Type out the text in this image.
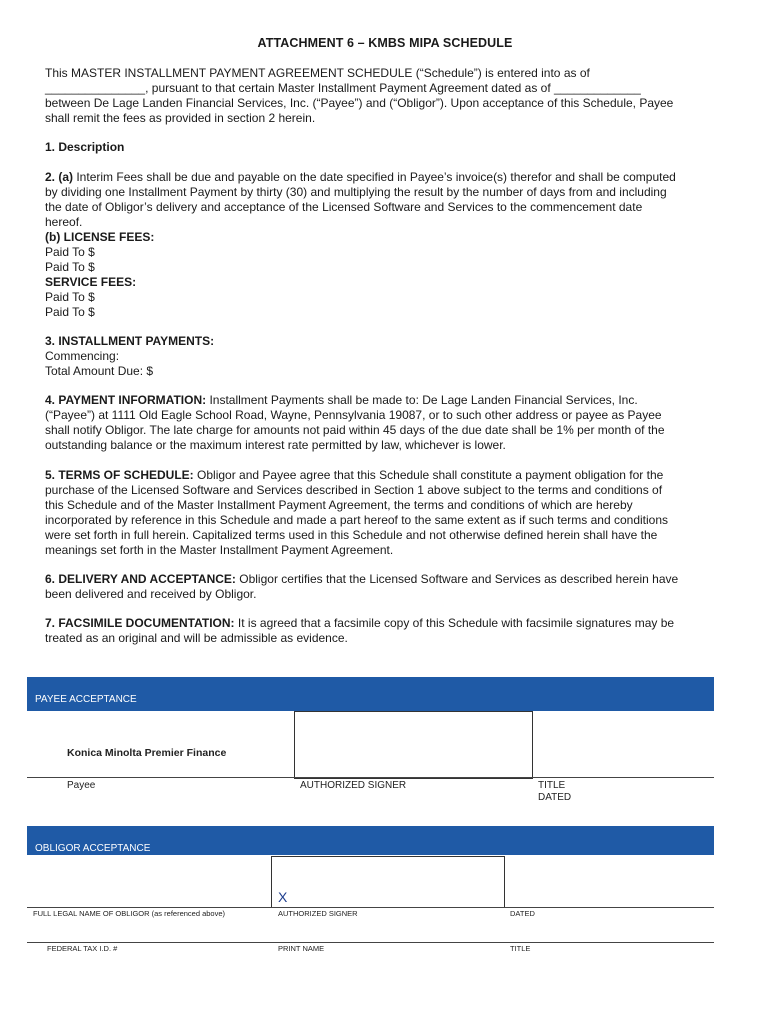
ATTACHMENT 6 – KMBS MIPA SCHEDULE
This MASTER INSTALLMENT PAYMENT AGREEMENT SCHEDULE (“Schedule”) is entered into as of
_______________, pursuant to that certain Master Installment Payment Agreement dated as of _____________
between De Lage Landen Financial Services, Inc. (“Payee”) and (“Obligor”). Upon acceptance of this Schedule, Payee
shall remit the fees as provided in section 2 herein.
1. Description
2. (a) Interim Fees shall be due and payable on the date specified in Payee’s invoice(s) therefor and shall be computed
by dividing one Installment Payment by thirty (30) and multiplying the result by the number of days from and including
the date of Obligor’s delivery and acceptance of the Licensed Software and Services to the commencement date
hereof.
(b) LICENSE FEES:
Paid To $
Paid To $
SERVICE FEES:
Paid To $
Paid To $
3. INSTALLMENT PAYMENTS:
Commencing:
Total Amount Due: $
4. PAYMENT INFORMATION: Installment Payments shall be made to: De Lage Landen Financial Services, Inc.
(“Payee”) at 1111 Old Eagle School Road, Wayne, Pennsylvania 19087, or to such other address or payee as Payee
shall notify Obligor. The late charge for amounts not paid within 45 days of the due date shall be 1% per month of the
outstanding balance or the maximum interest rate permitted by law, whichever is lower.
5. TERMS OF SCHEDULE: Obligor and Payee agree that this Schedule shall constitute a payment obligation for the
purchase of the Licensed Software and Services described in Section 1 above subject to the terms and conditions of
this Schedule and of the Master Installment Payment Agreement, the terms and conditions of which are hereby
incorporated by reference in this Schedule and made a part hereof to the same extent as if such terms and conditions
were set forth in full herein. Capitalized terms used in this Schedule and not otherwise defined herein shall have the
meanings set forth in the Master Installment Payment Agreement.
6. DELIVERY AND ACCEPTANCE: Obligor certifies that the Licensed Software and Services as described herein have
been delivered and received by Obligor.
7. FACSIMILE DOCUMENTATION: It is agreed that a facsimile copy of this Schedule with facsimile signatures may be
treated as an original and will be admissible as evidence.
PAYEE ACCEPTANCE
Konica Minolta Premier Finance
Payee	AUTHORIZED SIGNER	TITLE
DATED
OBLIGOR ACCEPTANCE
X
FULL LEGAL NAME OF OBLIGOR (as referenced above)	AUTHORIZED SIGNER	DATED
FEDERAL TAX I.D. #	PRINT NAME	TITLE
